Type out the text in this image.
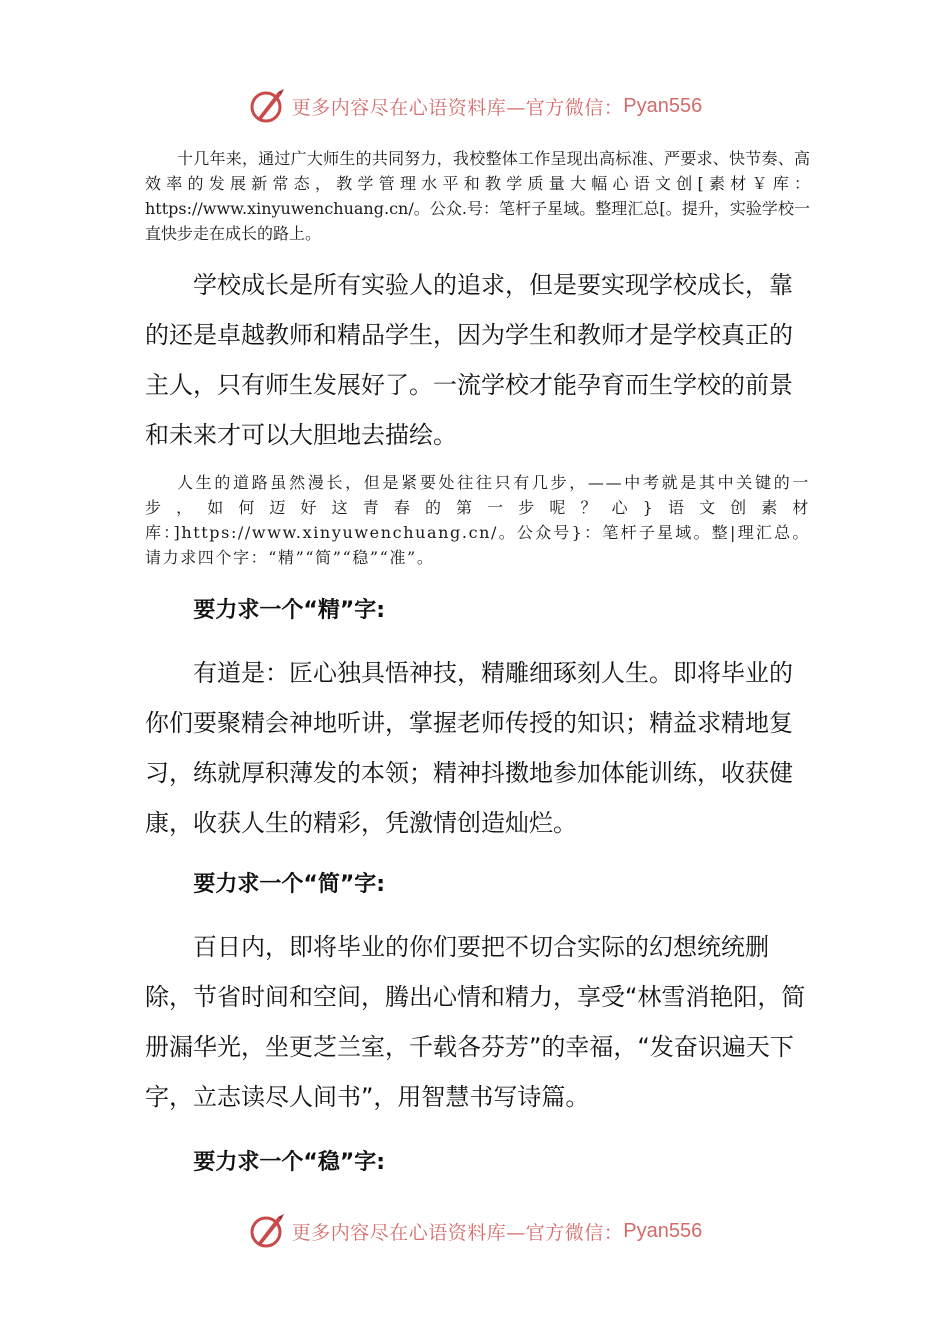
更多内容尽在心语资料库—官方微信： Pyan556

十几年来，通过广大师生的共同努力，我校整体工作呈现出高标准、严要求、快节奏、高效率的发展新常态，教学管理水平和教学质量大幅心语文创[素材￥库：https://www.xinyuwenchuang.cn/。公众.号：笔杆子星域。整理汇总[。提升，实验学校一直快步走在成长的路上。

学校成长是所有实验人的追求，但是要实现学校成长，靠的还是卓越教师和精品学生，因为学生和教师才是学校真正的主人，只有师生发展好了。一流学校才能孕育而生学校的前景和未来才可以大胆地去描绘。

人生的道路虽然漫长，但是紧要处往往只有几步，——中考就是其中关键的一步，如何迈好这青春的第一步呢？心}语文创素材库：]https://www.xinyuwenchuang.cn/。公众号}：笔杆子星域。整|理汇总。请力求四个字：“精”“简”“稳”“准”。

要力求一个“精”字:

有道是：匠心独具悟神技，精雕细琢刻人生。即将毕业的你们要聚精会神地听讲，掌握老师传授的知识；精益求精地复习，练就厚积薄发的本领；精神抖擞地参加体能训练，收获健康，收获人生的精彩，凭激情创造灿烂。

要力求一个“简”字:

百日内，即将毕业的你们要把不切合实际的幻想统统删除，节省时间和空间，腾出心情和精力，享受“林雪消艳阳，简册漏华光，坐更芝兰室，千载各芬芳”的幸福，“发奋识遍天下字，立志读尽人间书”，用智慧书写诗篇。

要力求一个“稳”字:

更多内容尽在心语资料库—官方微信： Pyan556
